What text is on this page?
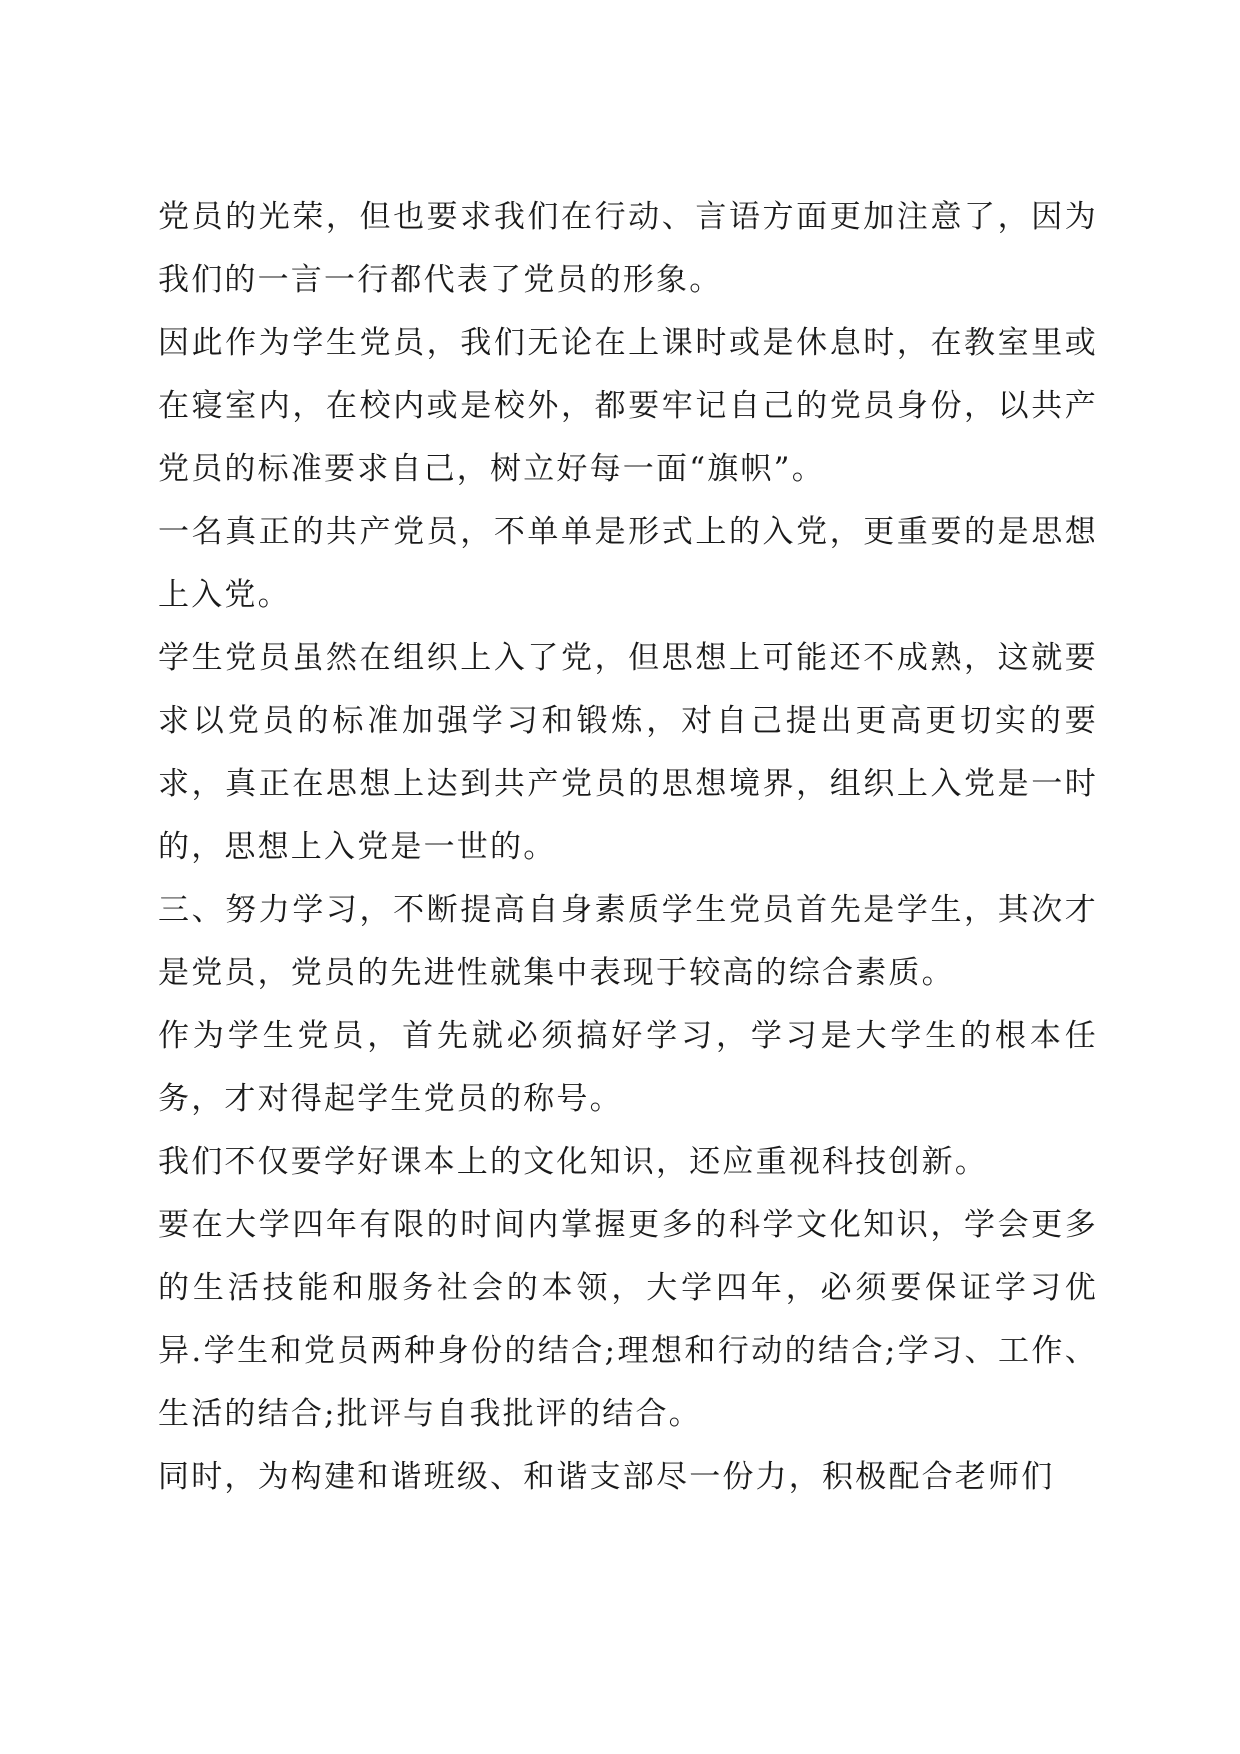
党员的光荣，但也要求我们在行动、言语方面更加注意了，因为我们的一言一行都代表了党员的形象。

因此作为学生党员，我们无论在上课时或是休息时，在教室里或在寝室内，在校内或是校外，都要牢记自己的党员身份，以共产党员的标准要求自己，树立好每一面“旗帜”。

一名真正的共产党员，不单单是形式上的入党，更重要的是思想上入党。

学生党员虽然在组织上入了党，但思想上可能还不成熟，这就要求以党员的标准加强学习和锻炼，对自己提出更高更切实的要求，真正在思想上达到共产党员的思想境界，组织上入党是一时的，思想上入党是一世的。

三、努力学习，不断提高自身素质学生党员首先是学生，其次才是党员，党员的先进性就集中表现于较高的综合素质。

作为学生党员，首先就必须搞好学习，学习是大学生的根本任务，才对得起学生党员的称号。

我们不仅要学好课本上的文化知识，还应重视科技创新。

要在大学四年有限的时间内掌握更多的科学文化知识，学会更多的生活技能和服务社会的本领，大学四年，必须要保证学习优异.学生和党员两种身份的结合;理想和行动的结合;学习、工作、生活的结合;批评与自我批评的结合。

同时，为构建和谐班级、和谐支部尽一份力，积极配合老师们
